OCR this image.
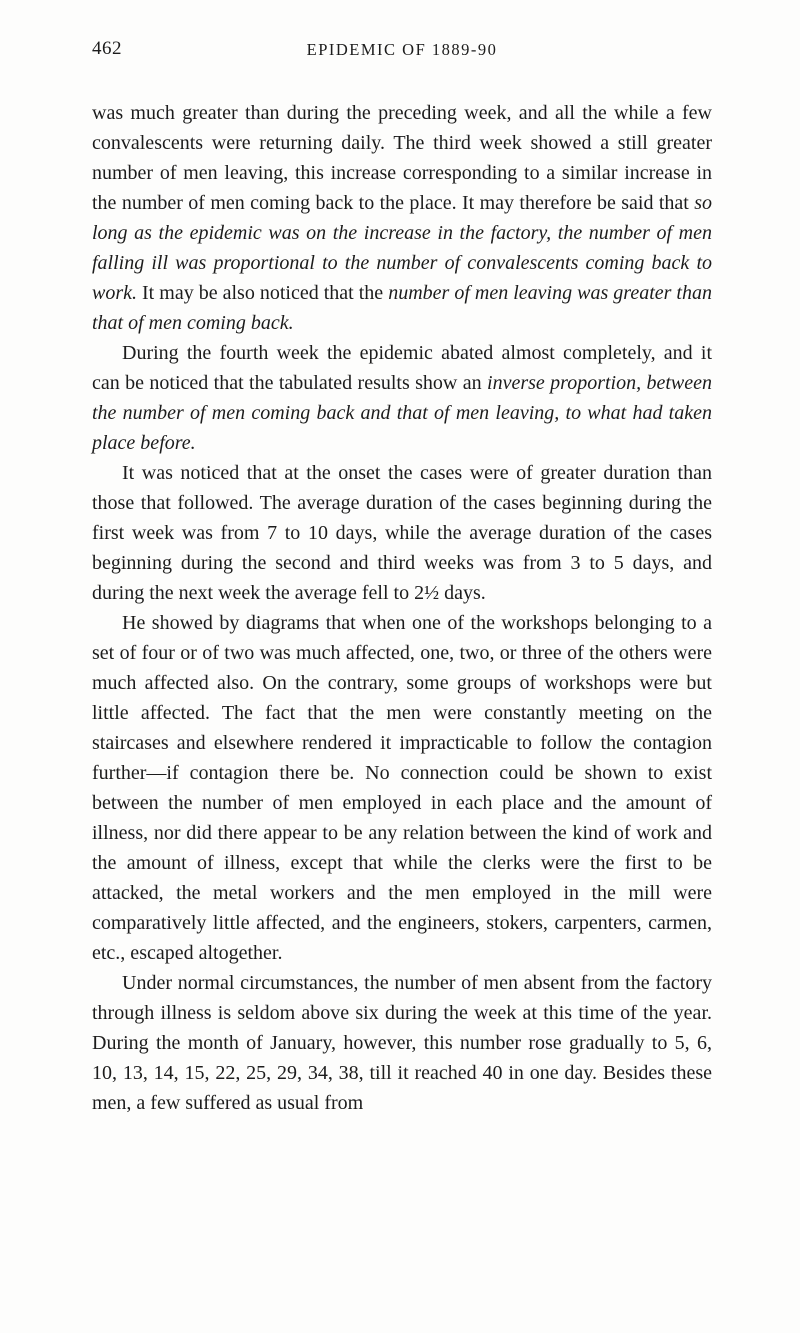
462	EPIDEMIC OF 1889-90

was much greater than during the preceding week, and all the while a few convalescents were returning daily. The third week showed a still greater number of men leaving, this increase corresponding to a similar increase in the number of men coming back to the place. It may therefore be said that so long as the epidemic was on the increase in the factory, the number of men falling ill was proportional to the number of convalescents coming back to work. It may be also noticed that the number of men leaving was greater than that of men coming back.

During the fourth week the epidemic abated almost completely, and it can be noticed that the tabulated results show an inverse proportion, between the number of men coming back and that of men leaving, to what had taken place before.

It was noticed that at the onset the cases were of greater duration than those that followed. The average duration of the cases beginning during the first week was from 7 to 10 days, while the average duration of the cases beginning during the second and third weeks was from 3 to 5 days, and during the next week the average fell to 2½ days.

He showed by diagrams that when one of the workshops belonging to a set of four or of two was much affected, one, two, or three of the others were much affected also. On the contrary, some groups of workshops were but little affected. The fact that the men were constantly meeting on the staircases and elsewhere rendered it impracticable to follow the contagion further—if contagion there be. No connection could be shown to exist between the number of men employed in each place and the amount of illness, nor did there appear to be any relation between the kind of work and the amount of illness, except that while the clerks were the first to be attacked, the metal workers and the men employed in the mill were comparatively little affected, and the engineers, stokers, carpenters, carmen, etc., escaped altogether.

Under normal circumstances, the number of men absent from the factory through illness is seldom above six during the week at this time of the year. During the month of January, however, this number rose gradually to 5, 6, 10, 13, 14, 15, 22, 25, 29, 34, 38, till it reached 40 in one day. Besides these men, a few suffered as usual from
